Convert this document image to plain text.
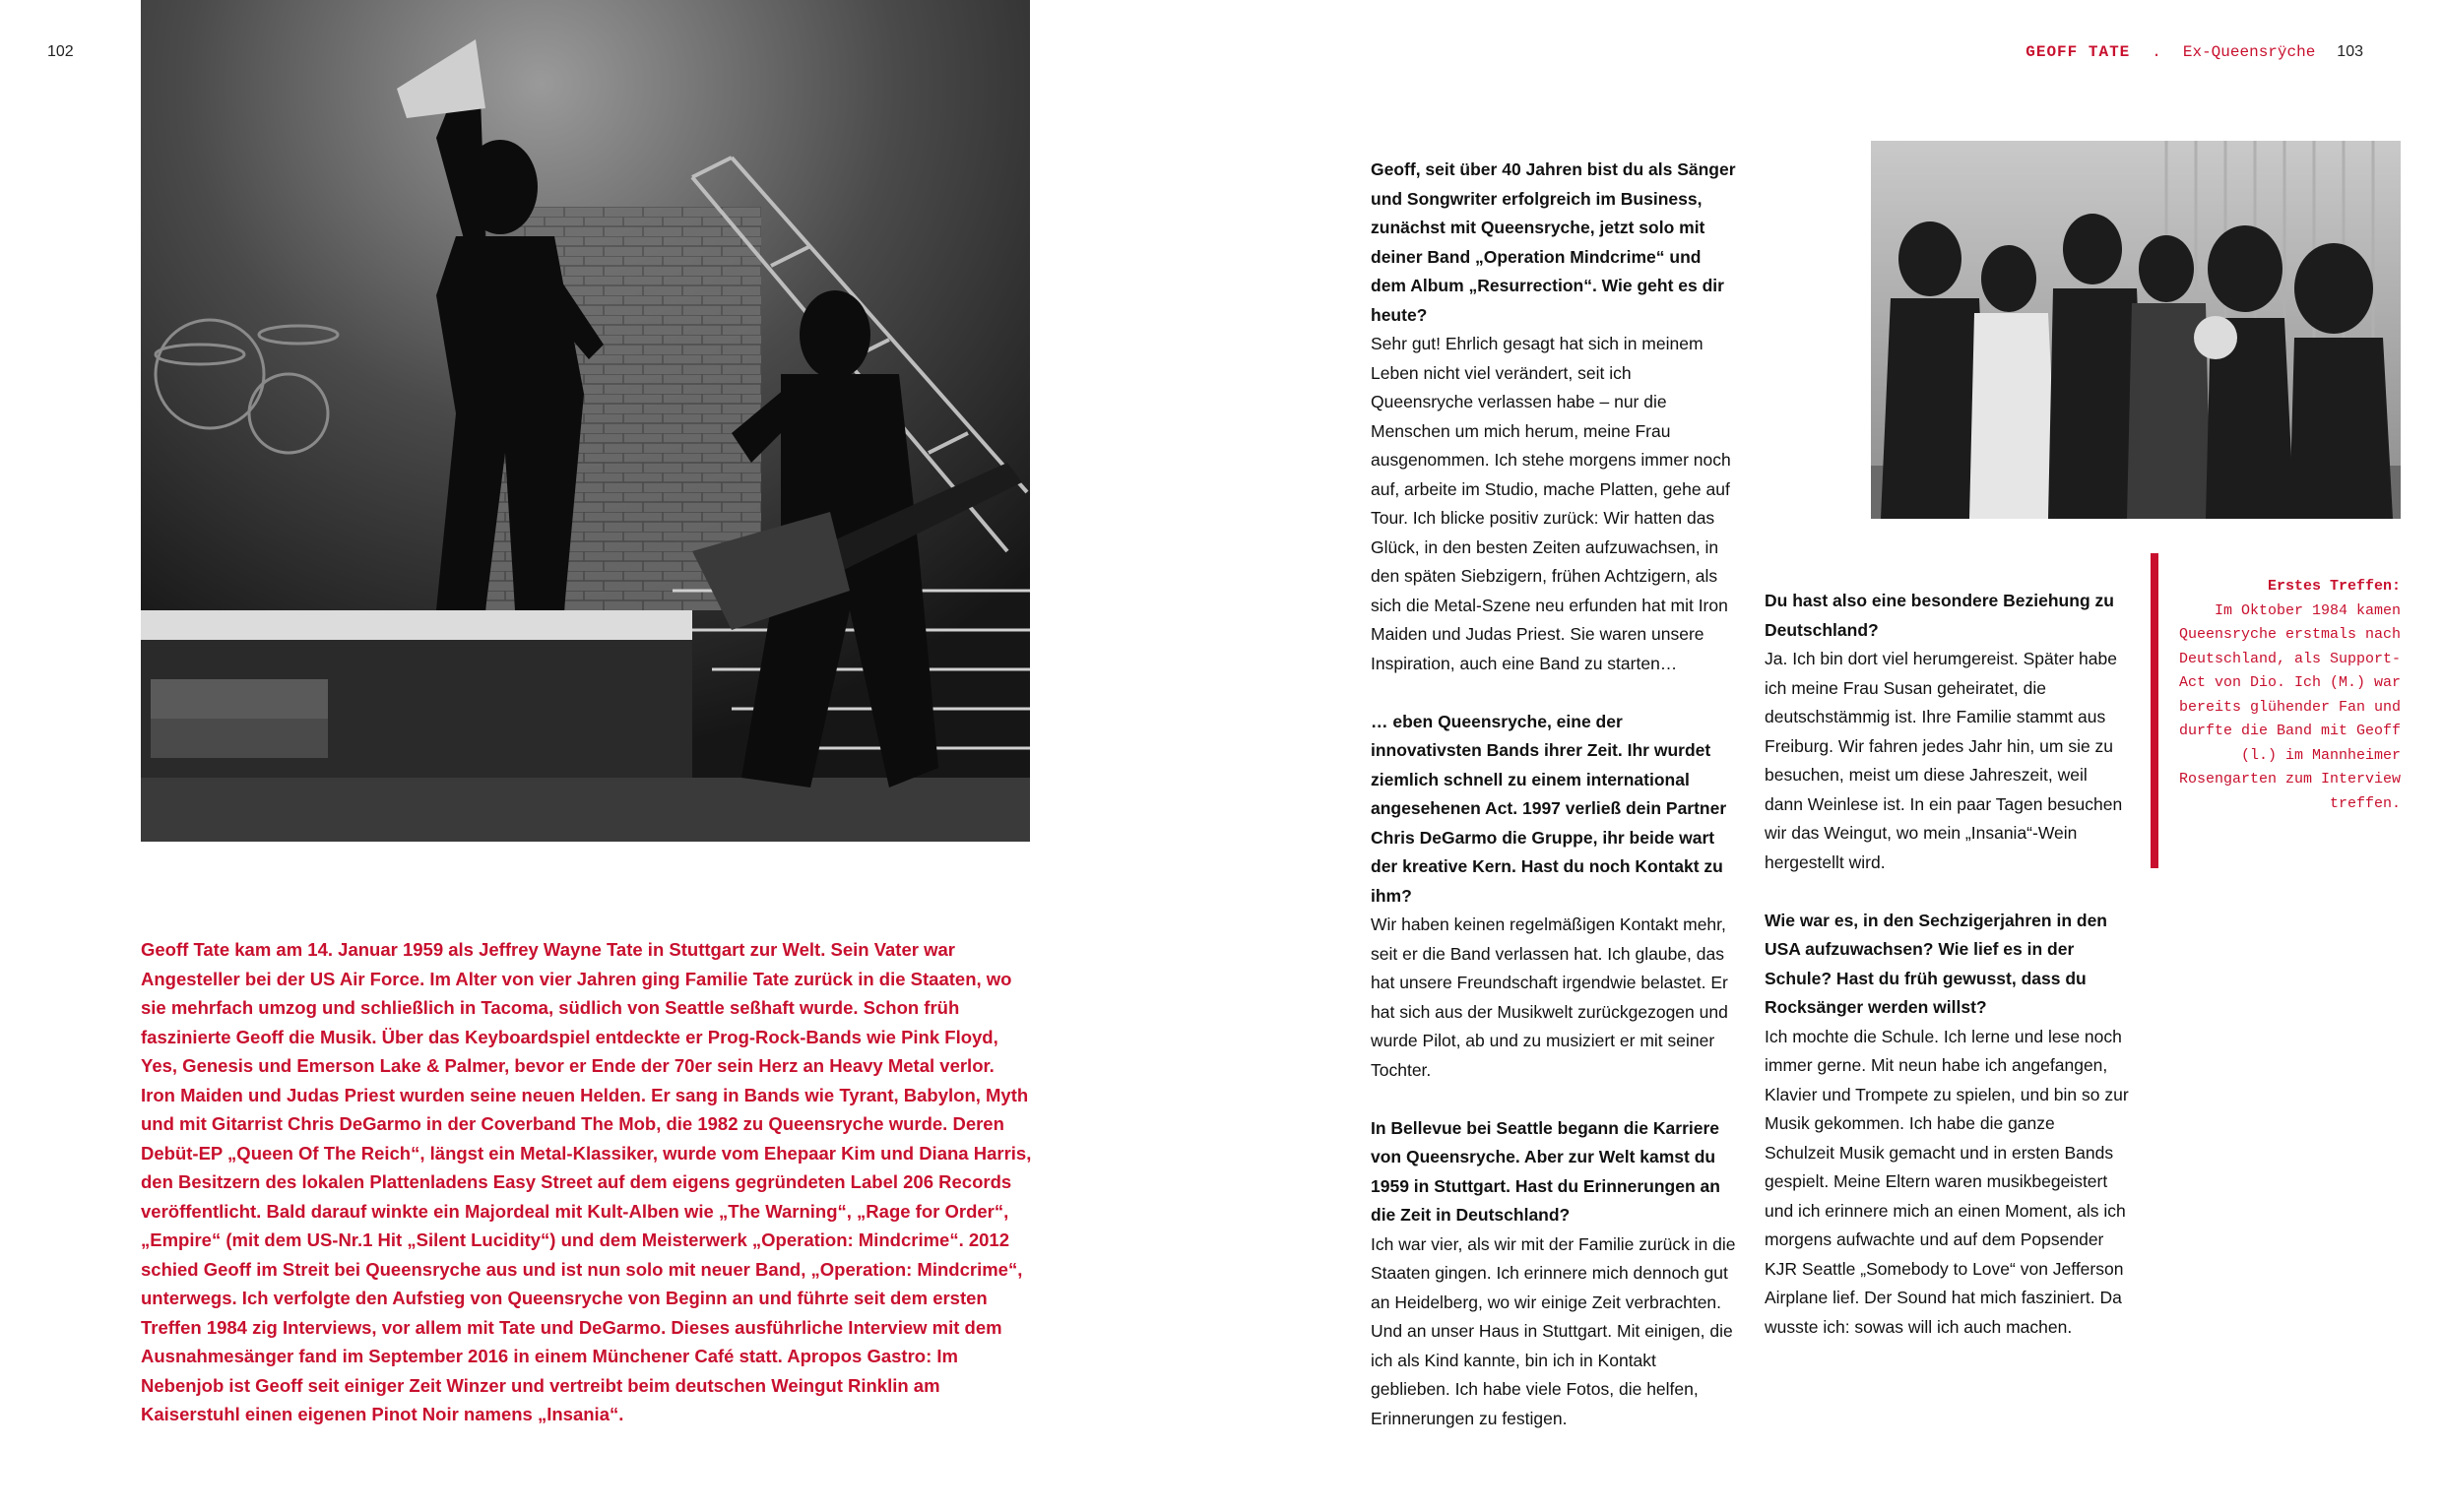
102

Geoff Tate kam am 14. Januar 1959 als Jeffrey Wayne Tate in Stuttgart zur Welt. Sein Vater war Angesteller bei der US Air Force. Im Alter von vier Jahren ging Familie Tate zurück in die Staaten, wo sie mehrfach umzog und schließlich in Tacoma, südlich von Seattle seßhaft wurde. Schon früh faszinierte Geoff die Musik. Über das Keyboardspiel entdeckte er Prog-Rock-Bands wie Pink Floyd, Yes, Genesis und Emerson Lake & Palmer, bevor er Ende der 70er sein Herz an Heavy Metal verlor. Iron Maiden und Judas Priest wurden seine neuen Helden. Er sang in Bands wie Tyrant, Babylon, Myth und mit Gitarrist Chris DeGarmo in der Coverband The Mob, die 1982 zu Queensryche wurde. Deren Debüt-EP „Queen Of The Reich“, längst ein Metal-Klassiker, wurde vom Ehepaar Kim und Diana Harris, den Besitzern des lokalen Plattenladens Easy Street auf dem eigens gegründeten Label 206 Records veröffentlicht. Bald darauf winkte ein Majordeal mit Kult-Alben wie „The Warning“, „Rage for Order“, „Empire“ (mit dem US-Nr.1 Hit „Silent Lucidity“) und dem Meisterwerk „Operation: Mindcrime“. 2012 schied Geoff im Streit bei Queensryche aus und ist nun solo mit neuer Band, „Operation: Mindcrime“, unterwegs. Ich verfolgte den Aufstieg von Queensryche von Beginn an und führte seit dem ersten Treffen 1984 zig Interviews, vor allem mit Tate und DeGarmo. Dieses ausführliche Interview mit dem Ausnahmesänger fand im September 2016 in einem Münchener Café statt. Apropos Gastro: Im Nebenjob ist Geoff seit einiger Zeit Winzer und vertreibt beim deutschen Weingut Rinklin am Kaiserstuhl einen eigenen Pinot Noir namens „Insania“.

GEOFF TATE . Ex-Queensrÿche 103

Geoff, seit über 40 Jahren bist du als Sänger und Songwriter erfolgreich im Business, zunächst mit Queensryche, jetzt solo mit deiner Band „Operation Mindcrime“ und dem Album „Resurrection“. Wie geht es dir heute?
Sehr gut! Ehrlich gesagt hat sich in meinem Leben nicht viel verändert, seit ich Queensryche verlassen habe – nur die Menschen um mich herum, meine Frau ausgenommen. Ich stehe morgens immer noch auf, arbeite im Studio, mache Platten, gehe auf Tour. Ich blicke positiv zurück: Wir hatten das Glück, in den besten Zeiten aufzuwachsen, in den späten Siebzigern, frühen Achtzigern, als sich die Metal-Szene neu erfunden hat mit Iron Maiden und Judas Priest. Sie waren unsere Inspiration, auch eine Band zu starten…

… eben Queensryche, eine der innovativsten Bands ihrer Zeit. Ihr wurdet ziemlich schnell zu einem international angesehenen Act. 1997 verließ dein Partner Chris DeGarmo die Gruppe, ihr beide wart der kreative Kern. Hast du noch Kontakt zu ihm?
Wir haben keinen regelmäßigen Kontakt mehr, seit er die Band verlassen hat. Ich glaube, das hat unsere Freundschaft irgendwie belastet. Er hat sich aus der Musikwelt zurückgezogen und wurde Pilot, ab und zu musiziert er mit seiner Tochter.

In Bellevue bei Seattle begann die Karriere von Queensryche. Aber zur Welt kamst du 1959 in Stuttgart. Hast du Erinnerungen an die Zeit in Deutschland?
Ich war vier, als wir mit der Familie zurück in die Staaten gingen. Ich erinnere mich dennoch gut an Heidelberg, wo wir einige Zeit verbrachten. Und an unser Haus in Stuttgart. Mit einigen, die ich als Kind kannte, bin ich in Kontakt geblieben. Ich habe viele Fotos, die helfen, Erinnerungen zu festigen.

Du hast also eine besondere Beziehung zu Deutschland?
Ja. Ich bin dort viel herumgereist. Später habe ich meine Frau Susan geheiratet, die deutschstämmig ist. Ihre Familie stammt aus Freiburg. Wir fahren jedes Jahr hin, um sie zu besuchen, meist um diese Jahreszeit, weil dann Weinlese ist. In ein paar Tagen besuchen wir das Weingut, wo mein „Insania“-Wein hergestellt wird.

Wie war es, in den Sechzigerjahren in den USA aufzuwachsen? Wie lief es in der Schule? Hast du früh gewusst, dass du Rocksänger werden willst?
Ich mochte die Schule. Ich lerne und lese noch immer gerne. Mit neun habe ich angefangen, Klavier und Trompete zu spielen, und bin so zur Musik gekommen. Ich habe die ganze Schulzeit Musik gemacht und in ersten Bands gespielt. Meine Eltern waren musikbegeistert und ich erinnere mich an einen Moment, als ich morgens aufwachte und auf dem Popsender KJR Seattle „Somebody to Love“ von Jefferson Airplane lief. Der Sound hat mich fasziniert. Da wusste ich: sowas will ich auch machen.

Erstes Treffen:
Im Oktober 1984 kamen Queensryche erstmals nach Deutschland, als Support-Act von Dio. Ich (M.) war bereits glühender Fan und durfte die Band mit Geoff (l.) im Mannheimer Rosengarten zum Interview treffen.
